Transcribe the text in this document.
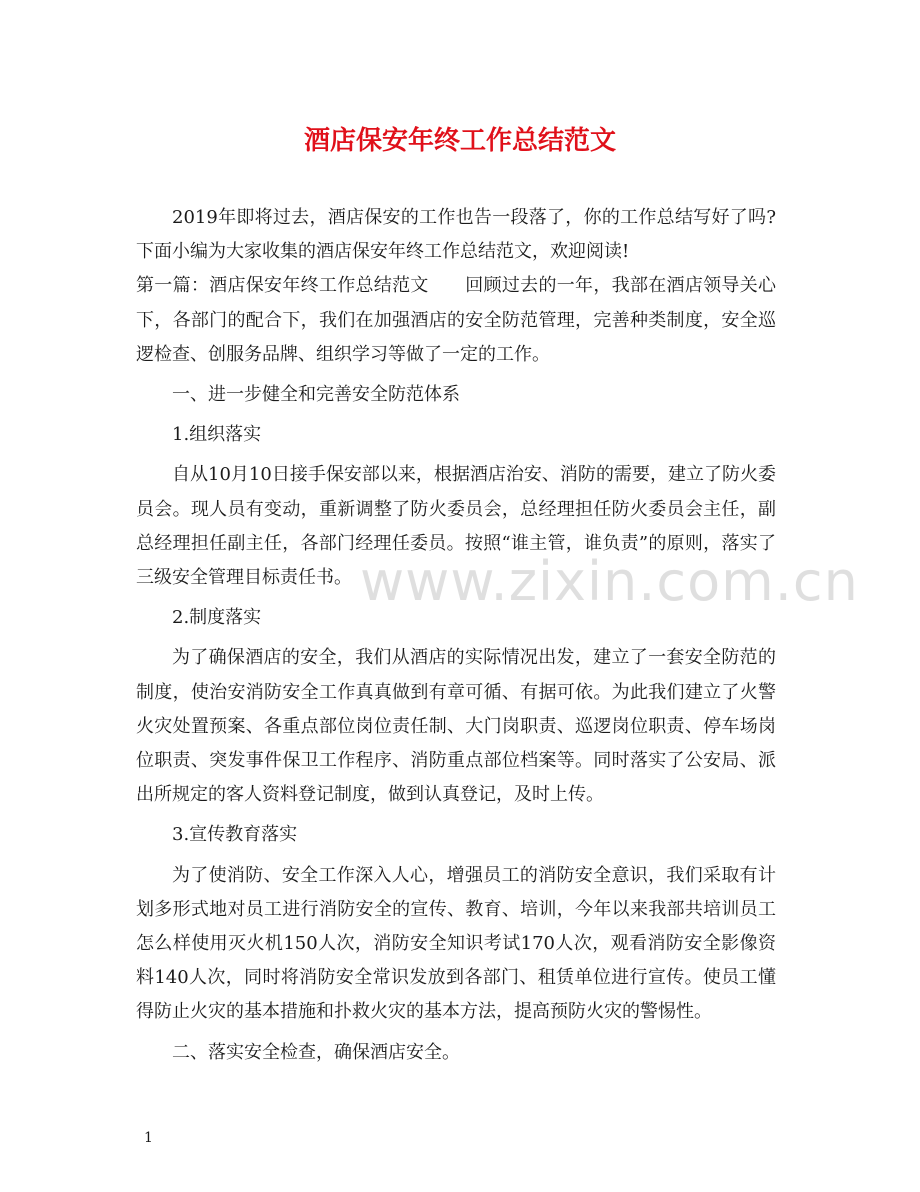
酒店保安年终工作总结范文

2019年即将过去，酒店保安的工作也告一段落了，你的工作总结写好了吗?下面小编为大家收集的酒店保安年终工作总结范文，欢迎阅读!

第一篇：酒店保安年终工作总结范文　　回顾过去的一年，我部在酒店领导关心下，各部门的配合下，我们在加强酒店的安全防范管理，完善种类制度，安全巡逻检查、创服务品牌、组织学习等做了一定的工作。

一、进一步健全和完善安全防范体系

1.组织落实

自从10月10日接手保安部以来，根据酒店治安、消防的需要，建立了防火委员会。现人员有变动，重新调整了防火委员会，总经理担任防火委员会主任，副总经理担任副主任，各部门经理任委员。按照“谁主管，谁负责”的原则，落实了三级安全管理目标责任书。

2.制度落实

为了确保酒店的安全，我们从酒店的实际情况出发，建立了一套安全防范的制度，使治安消防安全工作真真做到有章可循、有据可依。为此我们建立了火警火灾处置预案、各重点部位岗位责任制、大门岗职责、巡逻岗位职责、停车场岗位职责、突发事件保卫工作程序、消防重点部位档案等。同时落实了公安局、派出所规定的客人资料登记制度，做到认真登记，及时上传。

3.宣传教育落实

为了使消防、安全工作深入人心，增强员工的消防安全意识，我们采取有计划多形式地对员工进行消防安全的宣传、教育、培训，今年以来我部共培训员工怎么样使用灭火机150人次，消防安全知识考试170人次，观看消防安全影像资料140人次，同时将消防安全常识发放到各部门、租赁单位进行宣传。使员工懂得防止火灾的基本措施和扑救火灾的基本方法，提高预防火灾的警惕性。

二、落实安全检查，确保酒店安全。

www.zixin.com.cn
1
